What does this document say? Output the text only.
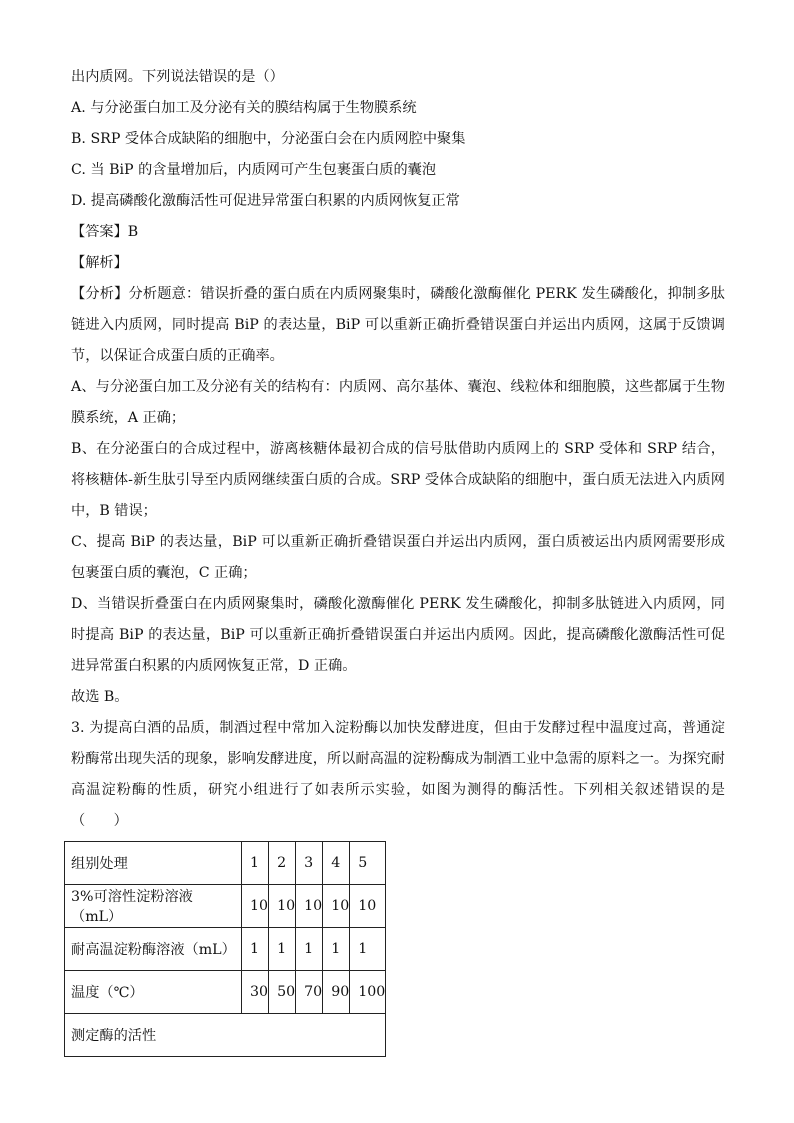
出内质网。下列说法错误的是（）
A. 与分泌蛋白加工及分泌有关的膜结构属于生物膜系统
B. SRP 受体合成缺陷的细胞中，分泌蛋白会在内质网腔中聚集
C. 当 BiP 的含量增加后，内质网可产生包裹蛋白质的囊泡
D. 提高磷酸化激酶活性可促进异常蛋白积累的内质网恢复正常
【答案】B
【解析】
【分析】分析题意：错误折叠的蛋白质在内质网聚集时，磷酸化激酶催化 PERK 发生磷酸化，抑制多肽链进入内质网，同时提高 BiP 的表达量，BiP 可以重新正确折叠错误蛋白并运出内质网，这属于反馈调节，以保证合成蛋白质的正确率。
A、与分泌蛋白加工及分泌有关的结构有：内质网、高尔基体、囊泡、线粒体和细胞膜，这些都属于生物膜系统，A 正确；
B、在分泌蛋白的合成过程中，游离核糖体最初合成的信号肽借助内质网上的 SRP 受体和 SRP 结合，将核糖体-新生肽引导至内质网继续蛋白质的合成。SRP 受体合成缺陷的细胞中，蛋白质无法进入内质网中，B 错误；
C、提高 BiP 的表达量，BiP 可以重新正确折叠错误蛋白并运出内质网，蛋白质被运出内质网需要形成包裹蛋白质的囊泡，C 正确；
D、当错误折叠蛋白在内质网聚集时，磷酸化激酶催化 PERK 发生磷酸化，抑制多肽链进入内质网，同时提高 BiP 的表达量，BiP 可以重新正确折叠错误蛋白并运出内质网。因此，提高磷酸化激酶活性可促进异常蛋白积累的内质网恢复正常，D 正确。
故选 B。
3. 为提高白酒的品质，制酒过程中常加入淀粉酶以加快发酵进度，但由于发酵过程中温度过高，普通淀粉酶常出现失活的现象，影响发酵进度，所以耐高温的淀粉酶成为制酒工业中急需的原料之一。为探究耐高温淀粉酶的性质，研究小组进行了如表所示实验，如图为测得的酶活性。下列相关叙述错误的是（　　）
组别处理	1	2	3	4	5
3%可溶性淀粉溶液（mL）	10	10	10	10	10
耐高温淀粉酶溶液（mL）	1	1	1	1	1
温度（℃）	30	50	70	90	100
测定酶的活性					
